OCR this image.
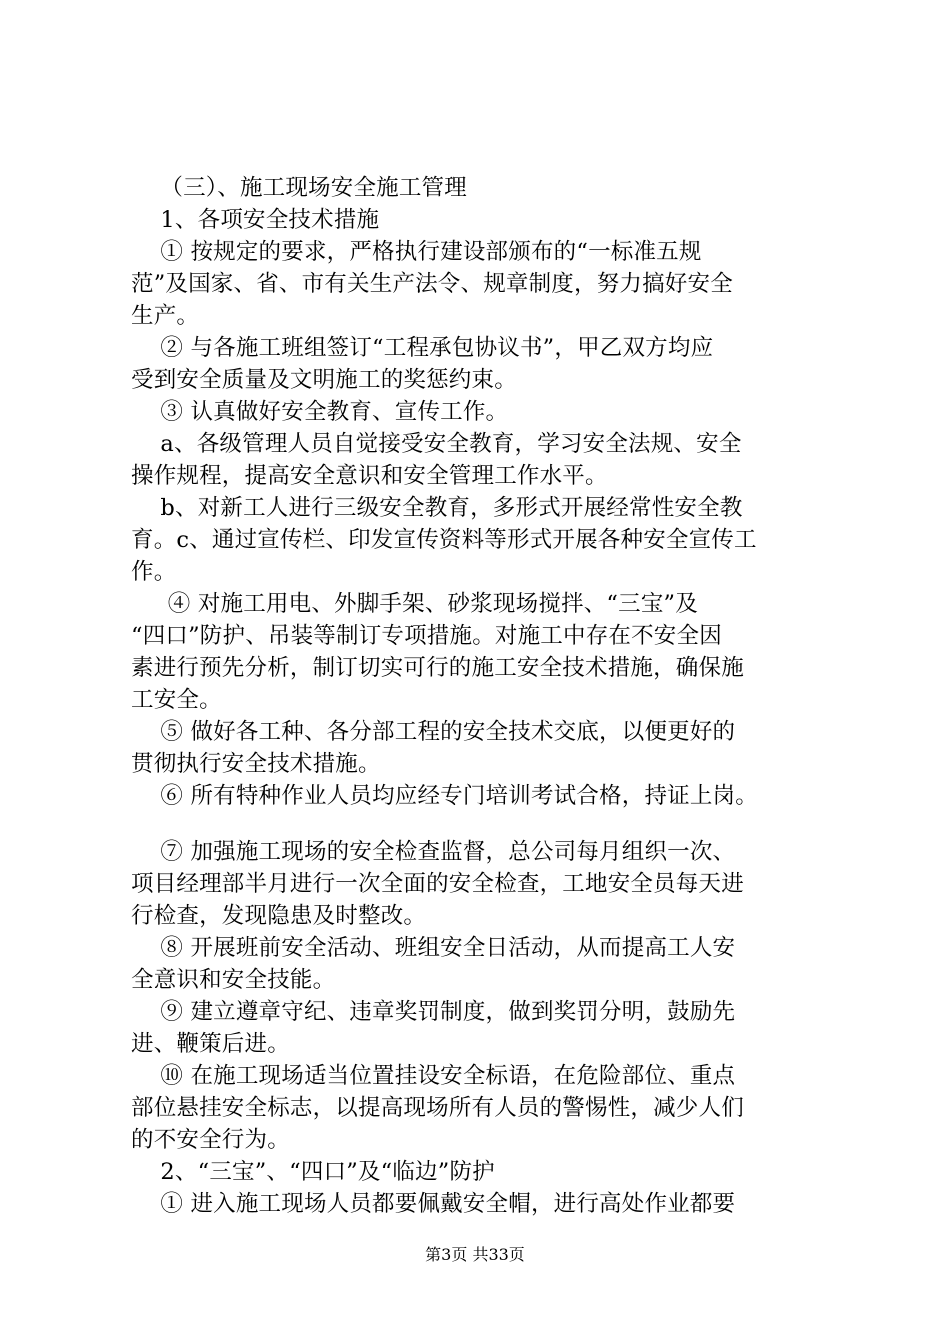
（三）、施工现场安全施工管理
1、各项安全技术措施
① 按规定的要求，严格执行建设部颁布的“一标准五规
范”及国家、省、市有关生产法令、规章制度，努力搞好安全
生产。
② 与各施工班组签订“工程承包协议书”，甲乙双方均应
受到安全质量及文明施工的奖惩约束。
③ 认真做好安全教育、宣传工作。
a、各级管理人员自觉接受安全教育，学习安全法规、安全
操作规程，提高安全意识和安全管理工作水平。
b、对新工人进行三级安全教育，多形式开展经常性安全教
育。c、通过宣传栏、印发宣传资料等形式开展各种安全宣传工
作。
④ 对施工用电、外脚手架、砂浆现场搅拌、“三宝”及
“四口”防护、吊装等制订专项措施。对施工中存在不安全因
素进行预先分析，制订切实可行的施工安全技术措施，确保施
工安全。
⑤ 做好各工种、各分部工程的安全技术交底，以便更好的
贯彻执行安全技术措施。
⑥ 所有特种作业人员均应经专门培训考试合格，持证上岗。
⑦ 加强施工现场的安全检查监督，总公司每月组织一次、
项目经理部半月进行一次全面的安全检查，工地安全员每天进
行检查，发现隐患及时整改。
⑧ 开展班前安全活动、班组安全日活动，从而提高工人安
全意识和安全技能。
⑨ 建立遵章守纪、违章奖罚制度，做到奖罚分明，鼓励先
进、鞭策后进。
⑩ 在施工现场适当位置挂设安全标语，在危险部位、重点
部位悬挂安全标志，以提高现场所有人员的警惕性，减少人们
的不安全行为。
2、“三宝”、“四口”及“临边”防护
① 进入施工现场人员都要佩戴安全帽，进行高处作业都要
第3页 共33页
